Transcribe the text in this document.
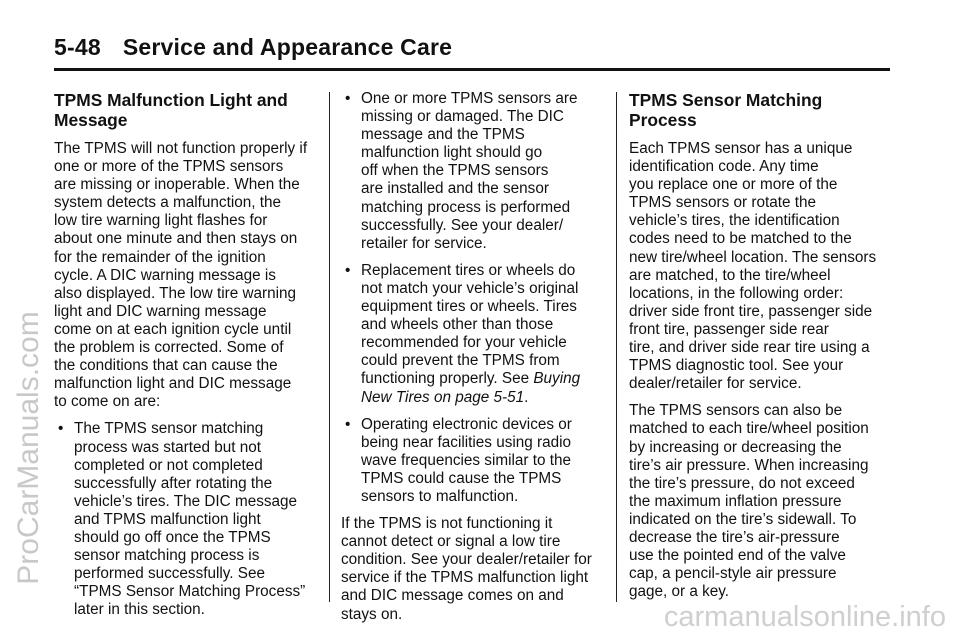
5-48 Service and Appearance Care
TPMS Malfunction Light and
Message

The TPMS will not function properly if
one or more of the TPMS sensors
are missing or inoperable. When the
system detects a malfunction, the
low tire warning light flashes for
about one minute and then stays on
for the remainder of the ignition
cycle. A DIC warning message is
also displayed. The low tire warning
light and DIC warning message
come on at each ignition cycle until
the problem is corrected. Some of
the conditions that can cause the
malfunction light and DIC message
to come on are:

• The TPMS sensor matching
process was started but not
completed or not completed
successfully after rotating the
vehicle’s tires. The DIC message
and TPMS malfunction light
should go off once the TPMS
sensor matching process is
performed successfully. See
“TPMS Sensor Matching Process”
later in this section.
• One or more TPMS sensors are
missing or damaged. The DIC
message and the TPMS
malfunction light should go
off when the TPMS sensors
are installed and the sensor
matching process is performed
successfully. See your dealer/
retailer for service.
• Replacement tires or wheels do
not match your vehicle’s original
equipment tires or wheels. Tires
and wheels other than those
recommended for your vehicle
could prevent the TPMS from
functioning properly. See Buying
New Tires on page 5‑51.
• Operating electronic devices or
being near facilities using radio
wave frequencies similar to the
TPMS could cause the TPMS
sensors to malfunction.

If the TPMS is not functioning it
cannot detect or signal a low tire
condition. See your dealer/retailer for
service if the TPMS malfunction light
and DIC message comes on and
stays on.

TPMS Sensor Matching
Process

Each TPMS sensor has a unique
identification code. Any time
you replace one or more of the
TPMS sensors or rotate the
vehicle’s tires, the identification
codes need to be matched to the
new tire/wheel location. The sensors
are matched, to the tire/wheel
locations, in the following order:
driver side front tire, passenger side
front tire, passenger side rear
tire, and driver side rear tire using a
TPMS diagnostic tool. See your
dealer/retailer for service.

The TPMS sensors can also be
matched to each tire/wheel position
by increasing or decreasing the
tire’s air pressure. When increasing
the tire’s pressure, do not exceed
the maximum inflation pressure
indicated on the tire’s sidewall. To
decrease the tire’s air-pressure
use the pointed end of the valve
cap, a pencil-style air pressure
gage, or a key.

ProCarManuals.com
carmanualsonline.info
